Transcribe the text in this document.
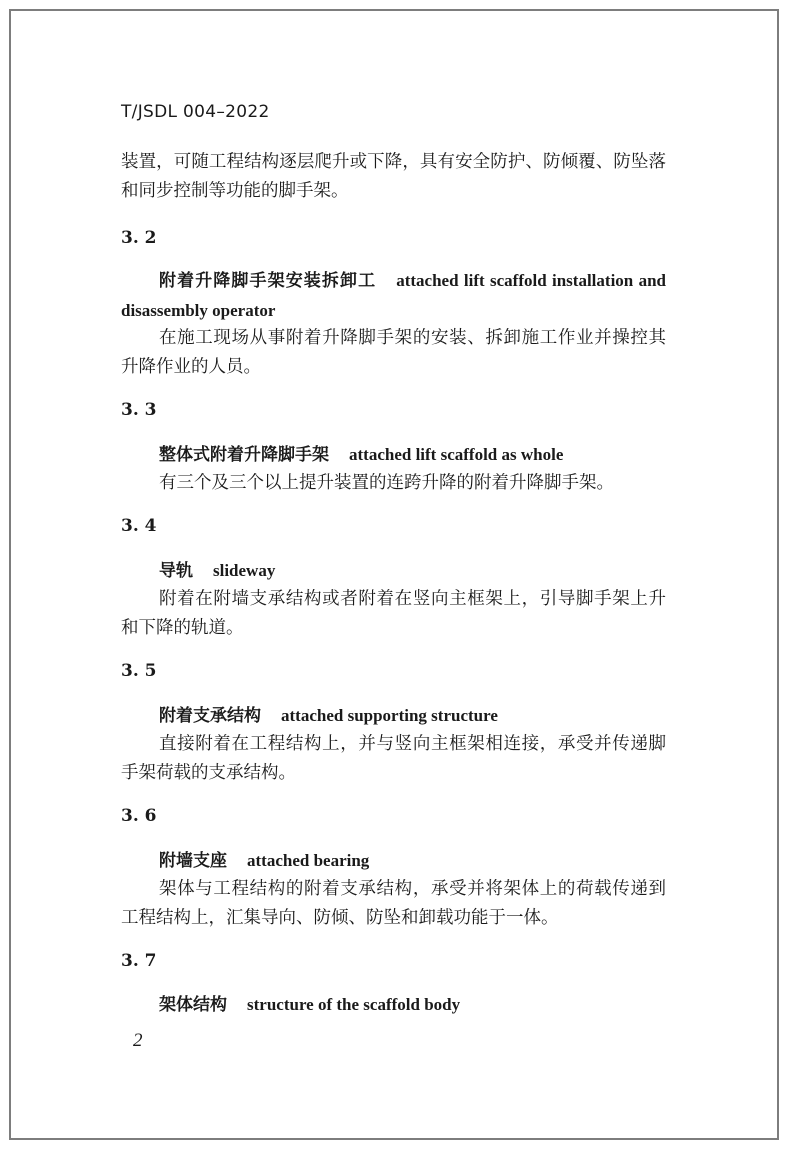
T/JSDL 004–2022
装置，可随工程结构逐层爬升或下降，具有安全防护、防倾覆、防坠落和同步控制等功能的脚手架。
3. 2
附着升降脚手架安装拆卸工 attached lift scaffold installation and disassembly operator
在施工现场从事附着升降脚手架的安装、拆卸施工作业并操控其升降作业的人员。
3. 3
整体式附着升降脚手架 attached lift scaffold as whole
有三个及三个以上提升装置的连跨升降的附着升降脚手架。
3. 4
导轨 slideway
附着在附墙支承结构或者附着在竖向主框架上，引导脚手架上升和下降的轨道。
3. 5
附着支承结构 attached supporting structure
直接附着在工程结构上，并与竖向主框架相连接，承受并传递脚手架荷载的支承结构。
3. 6
附墙支座 attached bearing
架体与工程结构的附着支承结构，承受并将架体上的荷载传递到工程结构上，汇集导向、防倾、防坠和卸载功能于一体。
3. 7
架体结构 structure of the scaffold body
2
